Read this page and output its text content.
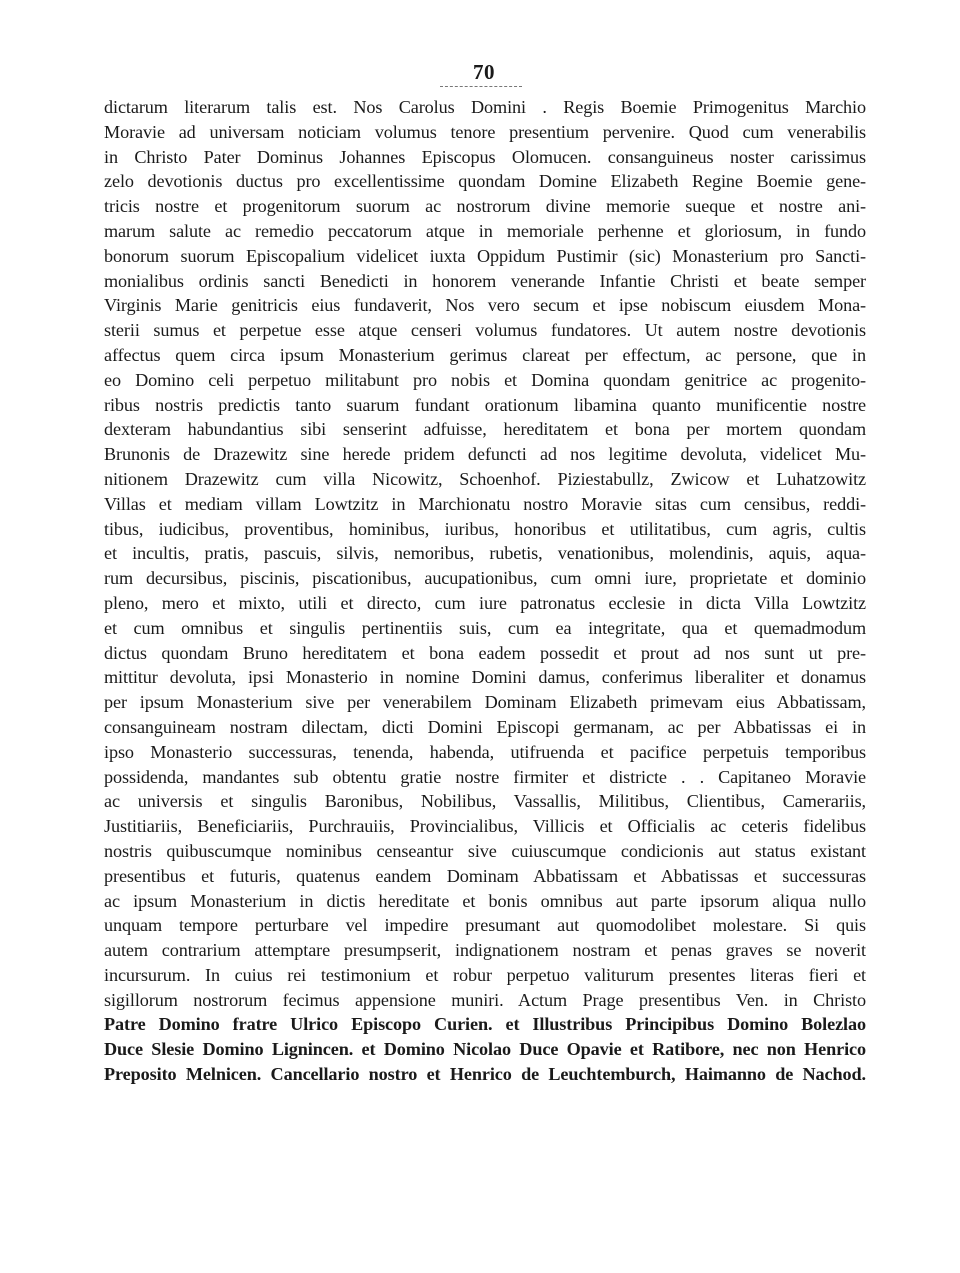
70
dictarum literarum talis est. Nos Carolus Domini . Regis Boemie Primogenitus Marchio
Moravie ad universam noticiam volumus tenore presentium pervenire. Quod cum venerabilis
in Christo Pater Dominus Johannes Episcopus Olomucen. consanguineus noster carissimus
zelo devotionis ductus pro excellentissime quondam Domine Elizabeth Regine Boemie gene-
tricis nostre et progenitorum suorum ac nostrorum divine memorie sueque et nostre ani-
marum salute ac remedio peccatorum atque in memoriale perhenne et gloriosum, in fundo
bonorum suorum Episcopalium videlicet iuxta Oppidum Pustimir (sic) Monasterium pro Sancti-
monialibus ordinis sancti Benedicti in honorem venerande Infantie Christi et beate semper
Virginis Marie genitricis eius fundaverit, Nos vero secum et ipse nobiscum eiusdem Mona-
sterii sumus et perpetue esse atque censeri volumus fundatores. Ut autem nostre devotionis
affectus quem circa ipsum Monasterium gerimus clareat per effectum, ac persone, que in
eo Domino celi perpetuo militabunt pro nobis et Domina quondam genitrice ac progenito-
ribus nostris predictis tanto suarum fundant orationum libamina quanto munificentie nostre
dexteram habundantius sibi senserint adfuisse, hereditatem et bona per mortem quondam
Brunonis de Drazewitz sine herede pridem defuncti ad nos legitime devoluta, videlicet Mu-
nitionem Drazewitz cum villa Nicowitz, Schoenhof. Piziestabullz, Zwicow et Luhatzowitz
Villas et mediam villam Lowtzitz in Marchionatu nostro Moravie sitas cum censibus, reddi-
tibus, iudicibus, proventibus, hominibus, iuribus, honoribus et utilitatibus, cum agris, cultis
et incultis, pratis, pascuis, silvis, nemoribus, rubetis, venationibus, molendinis, aquis, aqua-
rum decursibus, piscinis, piscationibus, aucupationibus, cum omni iure, proprietate et dominio
pleno, mero et mixto, utili et directo, cum iure patronatus ecclesie in dicta Villa Lowtzitz
et cum omnibus et singulis pertinentiis suis, cum ea integritate, qua et quemadmodum
dictus quondam Bruno hereditatem et bona eadem possedit et prout ad nos sunt ut pre-
mittitur devoluta, ipsi Monasterio in nomine Domini damus, conferimus liberaliter et donamus
per ipsum Monasterium sive per venerabilem Dominam Elizabeth primevam eius Abbatissam,
consanguineam nostram dilectam, dicti Domini Episcopi germanam, ac per Abbatissas ei in
ipso Monasterio successuras, tenenda, habenda, utifruenda et pacifice perpetuis temporibus
possidenda, mandantes sub obtentu gratie nostre firmiter et districte . . Capitaneo Moravie
ac universis et singulis Baronibus, Nobilibus, Vassallis, Militibus, Clientibus, Camerariis,
Justitiariis, Beneficiariis, Purchrauiis, Provincialibus, Villicis et Officialis ac ceteris fidelibus
nostris quibuscumque nominibus censeantur sive cuiuscumque condicionis aut status existant
presentibus et futuris, quatenus eandem Dominam Abbatissam et Abbatissas et successuras
ac ipsum Monasterium in dictis hereditate et bonis omnibus aut parte ipsorum aliqua nullo
unquam tempore perturbare vel impedire presumant aut quomodolibet molestare. Si quis
autem contrarium attemptare presumpserit, indignationem nostram et penas graves se noverit
incursurum. In cuius rei testimonium et robur perpetuo valiturum presentes literas fieri et
sigillorum nostrorum fecimus appensione muniri. Actum Prage presentibus Ven. in Christo
Patre Domino fratre Ulrico Episcopo Curien. et Illustribus Principibus Domino Bolezlao
Duce Slesie Domino Lignincen. et Domino Nicolao Duce Opavie et Ratibore, nec non Henrico
Preposito Melnicen. Cancellario nostro et Henrico de Leuchtemburch, Haimanno de Nachod.
